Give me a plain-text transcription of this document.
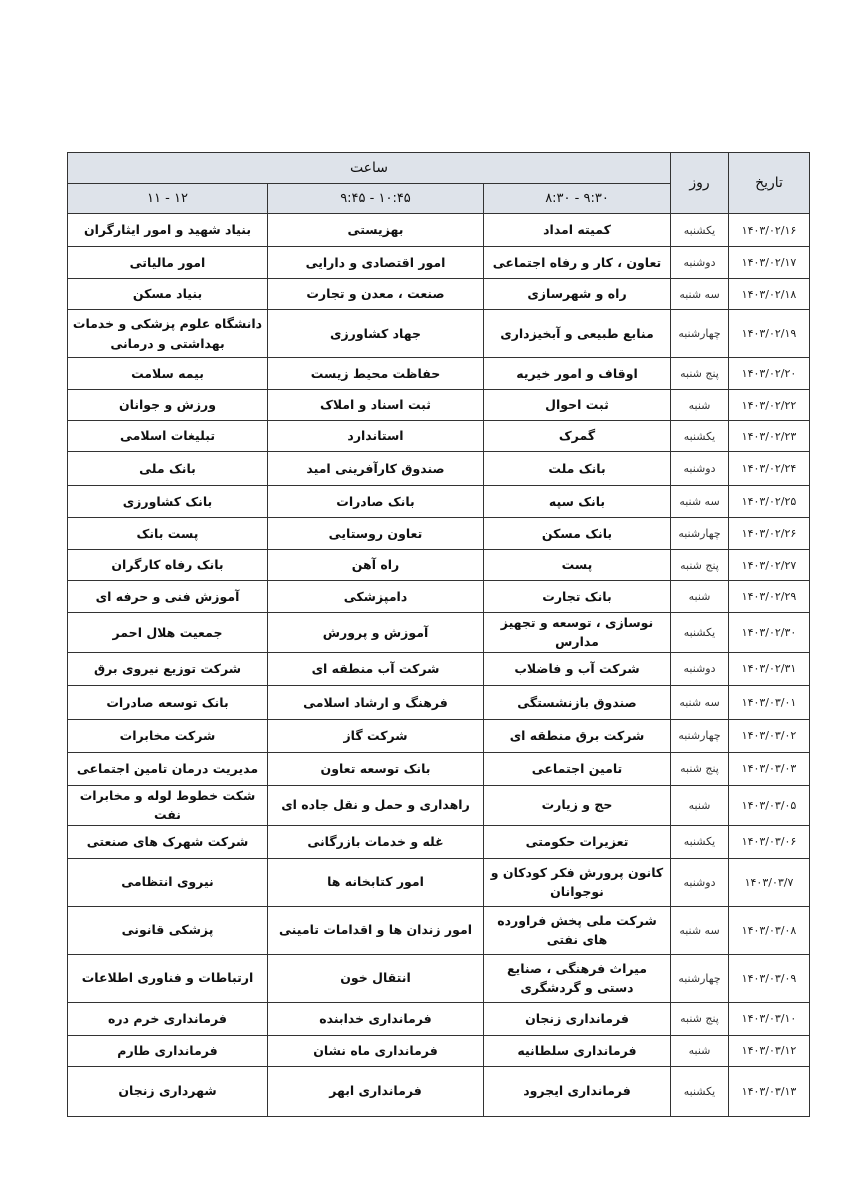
تاریخ	روز	ساعت		
		۹:۳۰ - ۸:۳۰	۱۰:۴۵ - ۹:۴۵	۱۲ - ۱۱
۱۴۰۳/۰۲/۱۶	یکشنبه	کمیته امداد	بهزیستی	بنیاد شهید و امور ایثارگران
۱۴۰۳/۰۲/۱۷	دوشنبه	تعاون ، کار و رفاه اجتماعی	امور اقتصادی و دارایی	امور مالیاتی
۱۴۰۳/۰۲/۱۸	سه شنبه	راه و شهرسازی	صنعت ، معدن و تجارت	بنیاد مسکن
۱۴۰۳/۰۲/۱۹	چهارشنبه	منابع طبیعی و آبخیزداری	جهاد کشاورزی	دانشگاه علوم پزشکی و خدمات بهداشتی و درمانی
۱۴۰۳/۰۲/۲۰	پنج شنبه	اوقاف و امور خیریه	حفاظت محیط زیست	بیمه سلامت
۱۴۰۳/۰۲/۲۲	شنبه	ثبت احوال	ثبت اسناد و املاک	ورزش و جوانان
۱۴۰۳/۰۲/۲۳	یکشنبه	گمرک	استاندارد	تبلیغات اسلامی
۱۴۰۳/۰۲/۲۴	دوشنبه	بانک ملت	صندوق کارآفرینی امید	بانک ملی
۱۴۰۳/۰۲/۲۵	سه شنبه	بانک سپه	بانک صادرات	بانک کشاورزی
۱۴۰۳/۰۲/۲۶	چهارشنبه	بانک مسکن	تعاون روستایی	پست بانک
۱۴۰۳/۰۲/۲۷	پنج شنبه	پست	راه آهن	بانک رفاه کارگران
۱۴۰۳/۰۲/۲۹	شنبه	بانک تجارت	دامپزشکی	آموزش فنی و حرفه ای
۱۴۰۳/۰۲/۳۰	یکشنبه	نوسازی ، توسعه و تجهیز مدارس	آموزش و پرورش	جمعیت هلال احمر
۱۴۰۳/۰۲/۳۱	دوشنبه	شرکت آب و فاضلاب	شرکت آب منطقه ای	شرکت توزیع نیروی برق
۱۴۰۳/۰۳/۰۱	سه شنبه	صندوق بازنشستگی	فرهنگ و ارشاد اسلامی	بانک توسعه صادرات
۱۴۰۳/۰۳/۰۲	چهارشنبه	شرکت برق منطقه ای	شرکت گاز	شرکت مخابرات
۱۴۰۳/۰۳/۰۳	پنج شنبه	تامین اجتماعی	بانک توسعه تعاون	مدیریت درمان تامین اجتماعی
۱۴۰۳/۰۳/۰۵	شنبه	حج و زیارت	راهداری و حمل و نقل جاده ای	شکت خطوط لوله و مخابرات نفت
۱۴۰۳/۰۳/۰۶	یکشنبه	تعزیرات حکومتی	غله و خدمات بازرگانی	شرکت شهرک های صنعتی
۱۴۰۳/۰۳/۷	دوشنبه	کانون پرورش فکر کودکان و نوجوانان	امور کتابخانه ها	نیروی انتظامی
۱۴۰۳/۰۳/۰۸	سه شنبه	شرکت ملی پخش فراورده های نفتی	امور زندان ها و اقدامات تامینی	پزشکی قانونی
۱۴۰۳/۰۳/۰۹	چهارشنبه	میراث فرهنگی ، صنایع دستی و گردشگری	انتقال خون	ارتباطات و فناوری اطلاعات
۱۴۰۳/۰۳/۱۰	پنج شنبه	فرمانداری زنجان	فرمانداری خدابنده	فرمانداری خرم دره
۱۴۰۳/۰۳/۱۲	شنبه	فرمانداری سلطانیه	فرمانداری ماه نشان	فرمانداری طارم
۱۴۰۳/۰۳/۱۳	یکشنبه	فرمانداری ایجرود	فرمانداری ابهر	شهرداری زنجان
